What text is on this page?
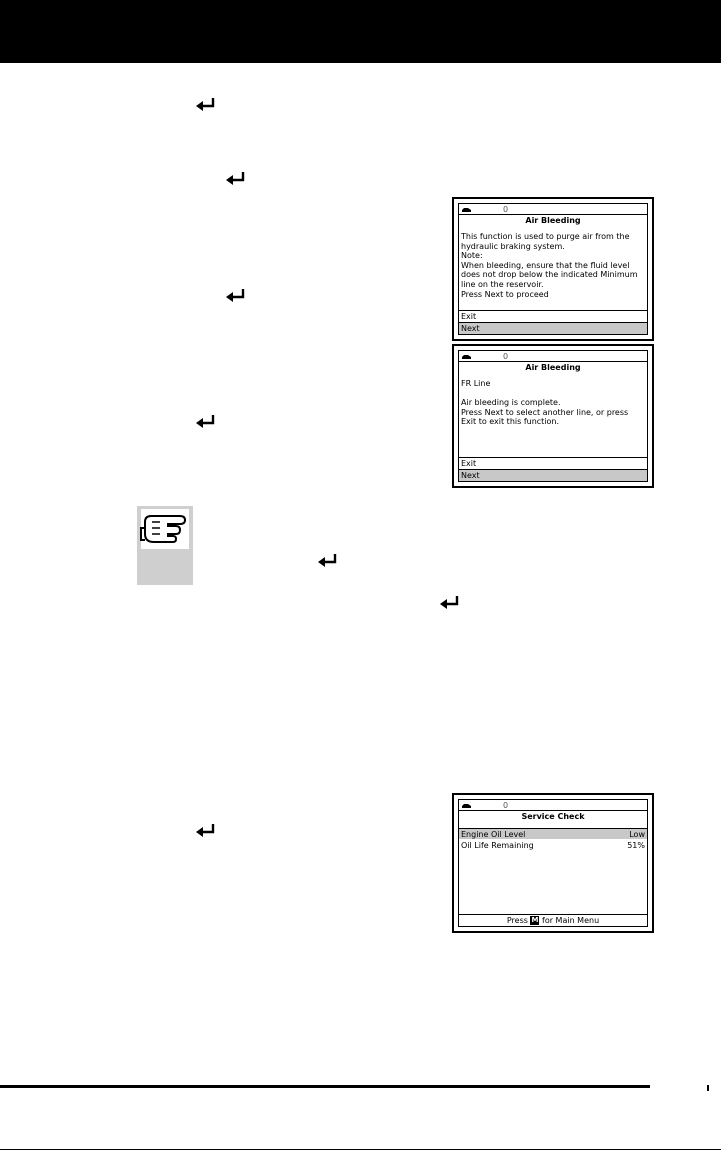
0
Air Bleeding
This function is used to purge air from the
hydraulic braking system.
Note:
When bleeding, ensure that the fluid level
does not drop below the indicated Minimum
line on the reservoir.
Press Next to proceed
Exit
Next
0
Air Bleeding
FR Line

Air bleeding is complete.
Press Next to select another line, or press
Exit to exit this function.
Exit
Next
0
Service Check
Engine Oil Level	Low
Oil Life Remaining	51%
Press M for Main Menu
